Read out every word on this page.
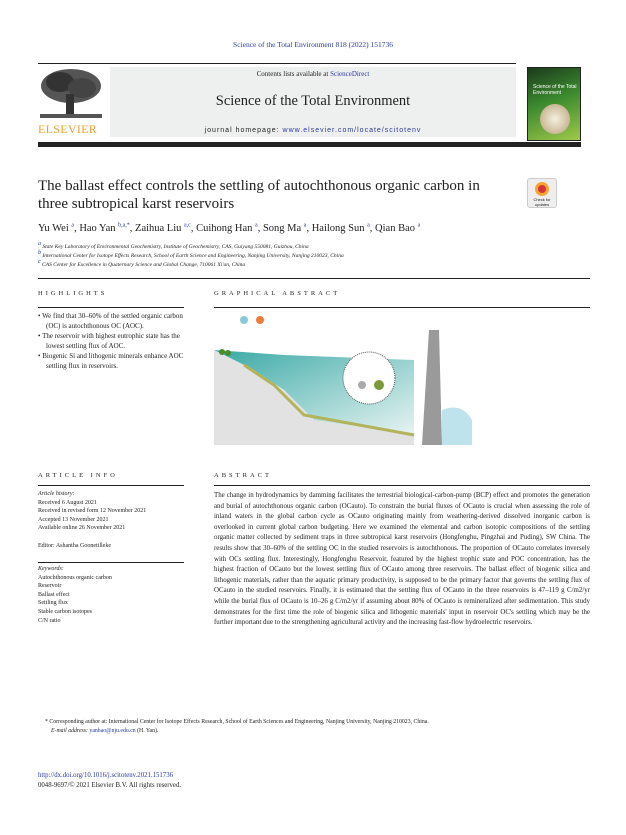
Science of the Total Environment 818 (2022) 151736
ELSEVIER
Contents lists available at ScienceDirect
Science of the Total Environment
journal homepage: www.elsevier.com/locate/scitotenv
Science of the Total Environment
The ballast effect controls the settling of autochthonous organic carbon in three subtropical karst reservoirs	Check for updates
Yu Wei $^a$, Hao Yan $^{b,a,*}$, Zaihua Liu $^{a,c}$, Cuihong Han $^a$, Song Ma $^a$, Hailong Sun $^a$, Qian Bao $^a$
$^a$ State Key Laboratory of Environmental Geochemistry, Institute of Geochemistry, CAS, Guiyang 550081, Guizhou, China
$^b$ International Center for Isotope Effects Research, School of Earth Science and Engineering, Nanjing University, Nanjing 210023, China
$^c$ CAS Center for Excellence in Quaternary Science and Global Change, 710061 Xi'an, China
HIGHLIGHTS
• We find that 30–60% of the settled organic carbon (OC) is autochthonous OC (AOC).
• The reservoir with highest eutrophic state has the lowest settling flux of AOC.
• Biogenic Si and lithogenic minerals enhance AOC settling flux in reservoirs.
GRAPHICAL ABSTRACT
ARTICLE INFO
Article history:
Received 6 August 2021
Received in revised form 12 November 2021
Accepted 13 November 2021
Available online 26 November 2021
Editor: Ashantha Goonetilleke
Keywords:
Autochthonous organic carbon
Reservoir
Ballast effect
Settling flux
Stable carbon isotopes
C/N ratio
ABSTRACT
The change in hydrodynamics by damming facilitates the terrestrial biological-carbon-pump (BCP) effect and promotes the generation and burial of autochthonous organic carbon (OCauto). To constrain the burial fluxes of OCauto is crucial when assessing the role of inland waters in the global carbon cycle as OCauto originating mainly from weathering-derived dissolved inorganic carbon is overlooked in current global carbon budgeting. Here we examined the elemental and carbon isotopic compositions of the settling organic matter collected by sediment traps in three subtropical karst reservoirs (Hongfenghu, Pingzhai and Puding), SW China. The results show that 30–60% of the settling OC in the studied reservoirs is autochthonous. The proportion of OCauto correlates inversely with OCs settling flux. Interestingly, Hongfenghu Reservoir, featured by the highest trophic state and POC concentration, has the highest fraction of OCauto but the lowest settling flux of OCauto among three reservoirs. The ballast effect of biogenic silica and lithogenic materials, rather than the aquatic primary productivity, is supposed to be the primary factor that governs the settling flux of OCauto in the studied reservoirs. Finally, it is estimated that the settling flux of OCauto in the three reservoirs is 47–119 g C/m2/yr while the burial flux of OCauto is 10–26 g C/m2/yr if assuming about 80% of OCauto is remineralized after sedimentation. This study demonstrates for the first time the role of biogenic silica and lithogenic materials' input in reservoir OC's settling which may be the further important due to the strengthening agricultural activity and the increasing fast-flow hydroelectric reservoirs.
* Corresponding author at: International Center for Isotope Effects Research, School of Earth Sciences and Engineering, Nanjing University, Nanjing 210023, China.
E-mail address: yanhao@nju.edu.cn (H. Yan).
http://dx.doi.org/10.1016/j.scitotenv.2021.151736
0048-9697/© 2021 Elsevier B.V. All rights reserved.
